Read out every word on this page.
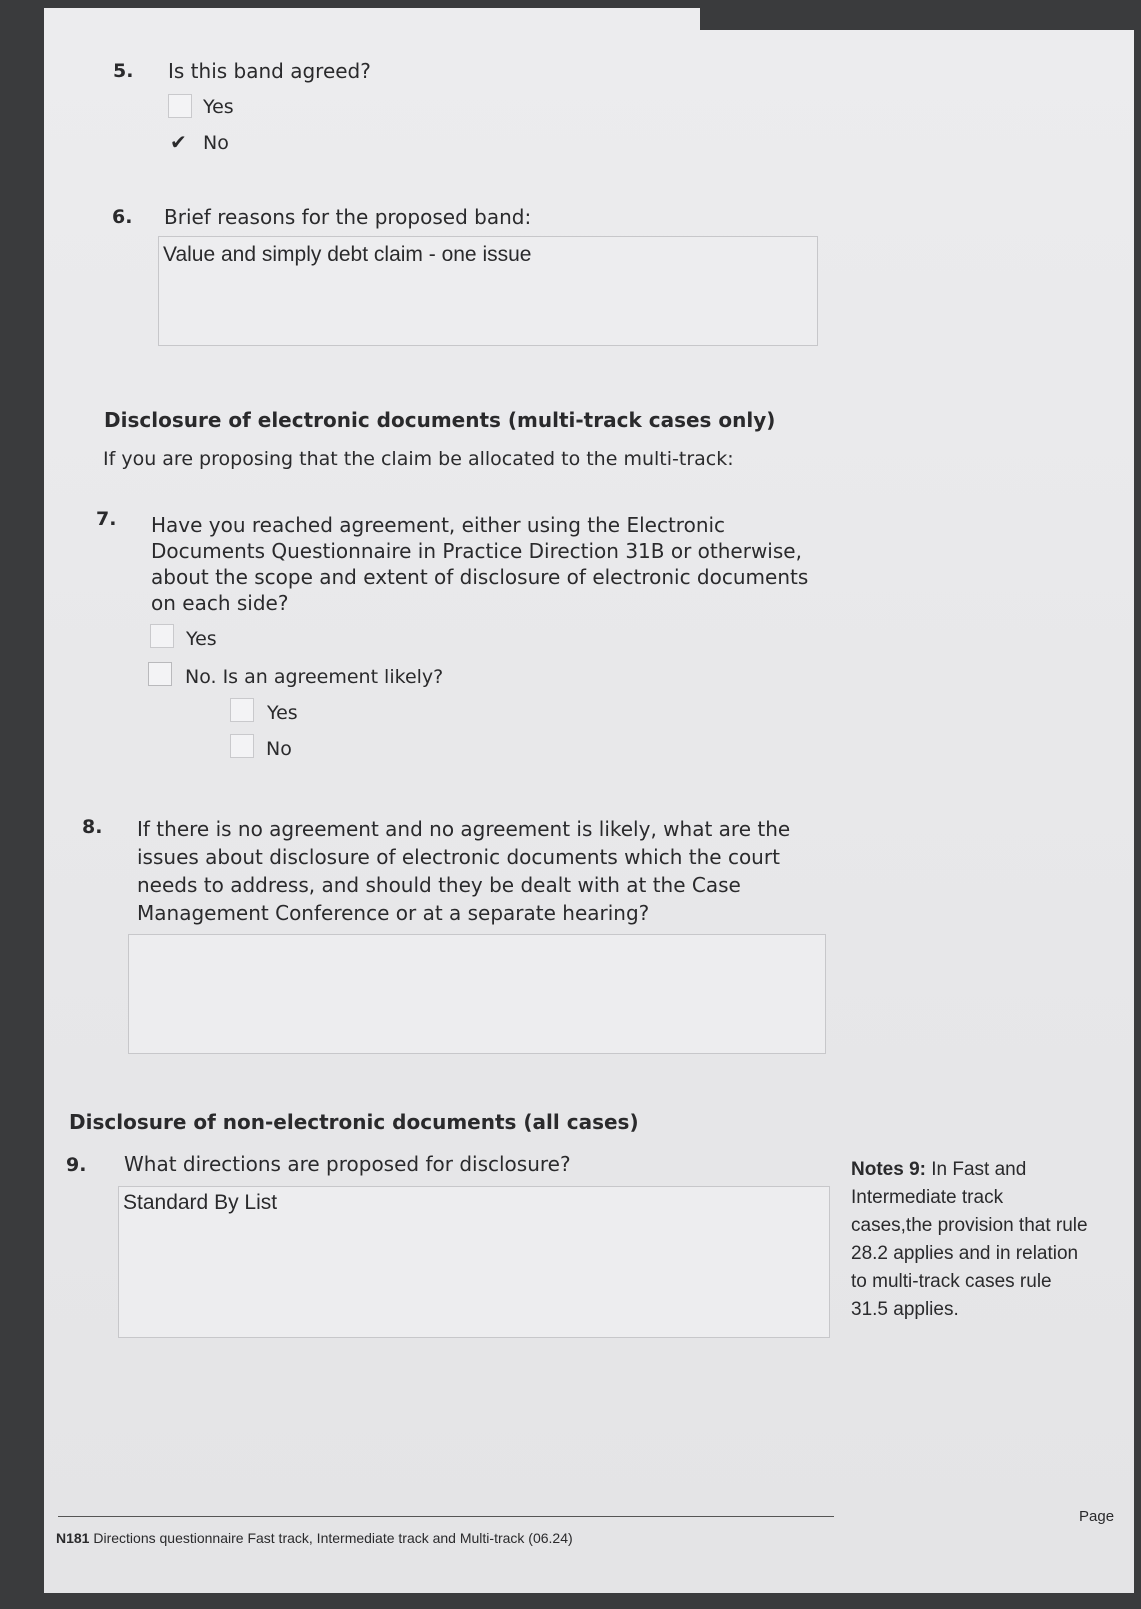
5. Is this band agreed?
Yes
✔ No
6. Brief reasons for the proposed band:
Value and simply debt claim - one issue
Disclosure of electronic documents (multi-track cases only)
If you are proposing that the claim be allocated to the multi-track:
7. Have you reached agreement, either using the Electronic
Documents Questionnaire in Practice Direction 31B or otherwise,
about the scope and extent of disclosure of electronic documents
on each side?
Yes
No. Is an agreement likely?
Yes
No
8. If there is no agreement and no agreement is likely, what are the
issues about disclosure of electronic documents which the court
needs to address, and should they be dealt with at the Case
Management Conference or at a separate hearing?
Disclosure of non-electronic documents (all cases)
9. What directions are proposed for disclosure?
Standard By List
Notes 9: In Fast and
Intermediate track
cases,the provision that rule
28.2 applies and in relation
to multi-track cases rule
31.5 applies.
N181 Directions questionnaire Fast track, Intermediate track and Multi-track (06.24)
Page
